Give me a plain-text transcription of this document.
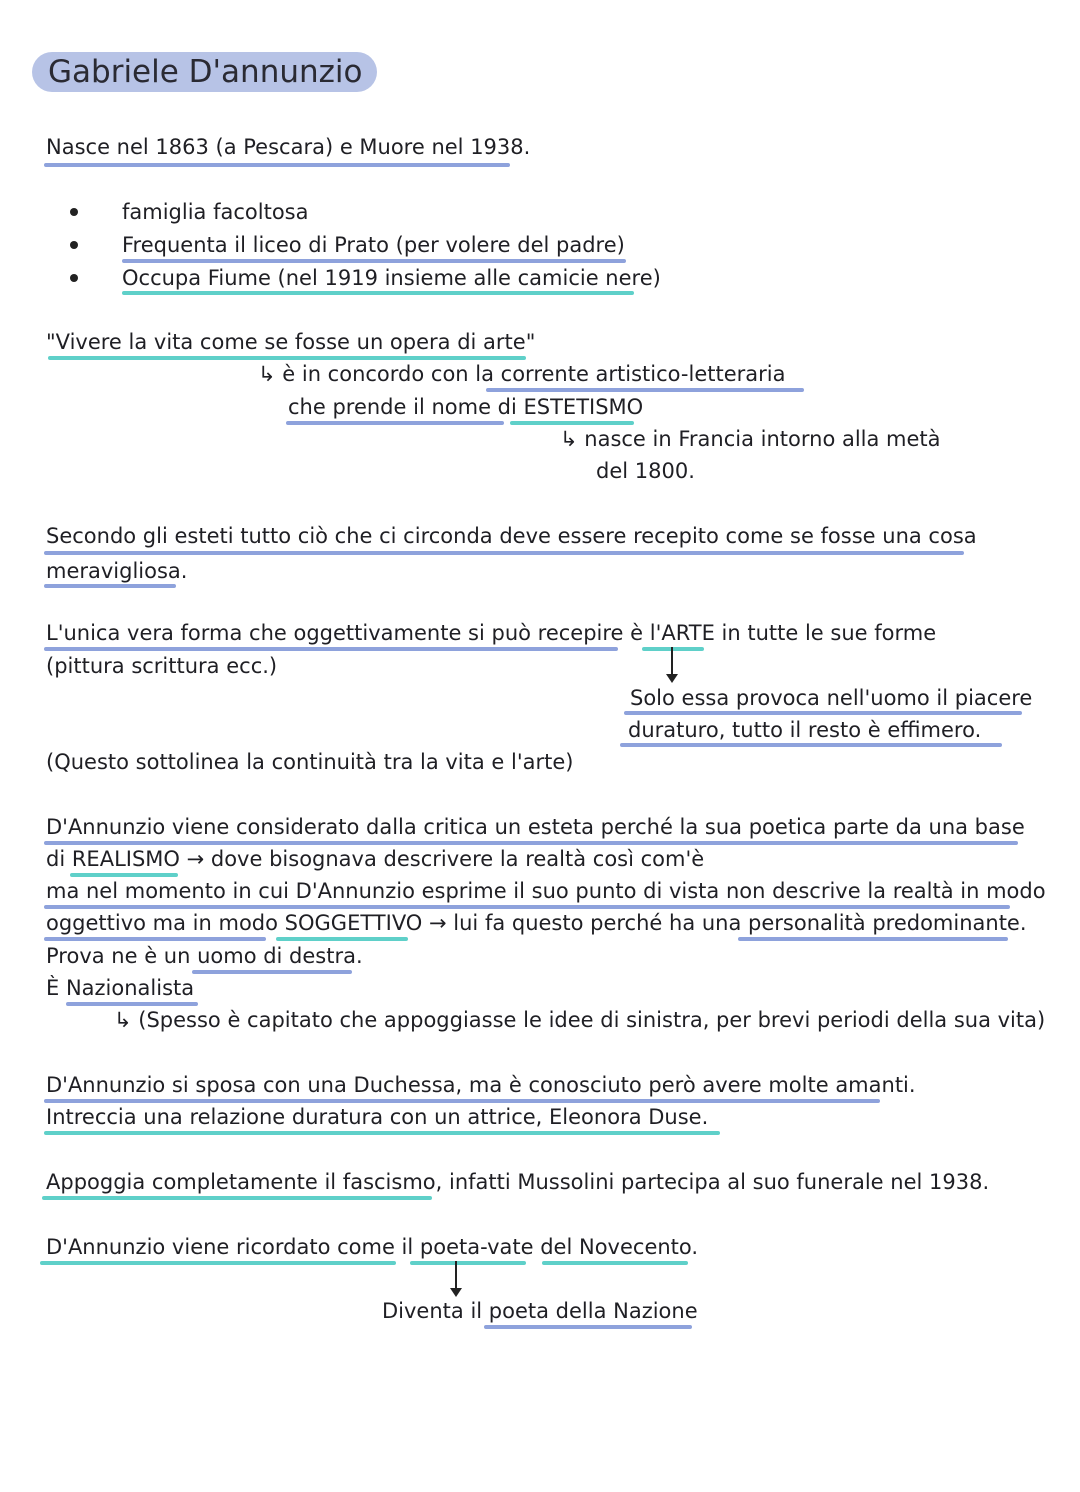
Gabriele D'annunzio
Nasce nel 1863 (a Pescara) e Muore nel 1938.
famiglia facoltosa
Frequenta il liceo di Prato (per volere del padre)
Occupa Fiume (nel 1919 insieme alle camicie nere)
"Vivere la vita come se fosse un opera di arte"
↳ è in concordo con la corrente artistico-letteraria
che prende il nome di ESTETISMO
↳ nasce in Francia intorno alla metà
del 1800.
Secondo gli esteti tutto ciò che ci circonda deve essere recepito come se fosse una cosa
meravigliosa.
L'unica vera forma che oggettivamente si può recepire è l'ARTE in tutte le sue forme
(pittura scrittura ecc.)
Solo essa provoca nell'uomo il piacere
duraturo, tutto il resto è effimero.
(Questo sottolinea la continuità tra la vita e l'arte)
D'Annunzio viene considerato dalla critica un esteta perché la sua poetica parte da una base
di REALISMO → dove bisognava descrivere la realtà così com'è
ma nel momento in cui D'Annunzio esprime il suo punto di vista non descrive la realtà in modo
oggettivo ma in modo SOGGETTIVO → lui fa questo perché ha una personalità predominante.
Prova ne è un uomo di destra.
È Nazionalista
↳ (Spesso è capitato che appoggiasse le idee di sinistra, per brevi periodi della sua vita)
D'Annunzio si sposa con una Duchessa, ma è conosciuto però avere molte amanti.
Intreccia una relazione duratura con un attrice, Eleonora Duse.
Appoggia completamente il fascismo, infatti Mussolini partecipa al suo funerale nel 1938.
D'Annunzio viene ricordato come il poeta-vate del Novecento.
Diventa il poeta della Nazione
